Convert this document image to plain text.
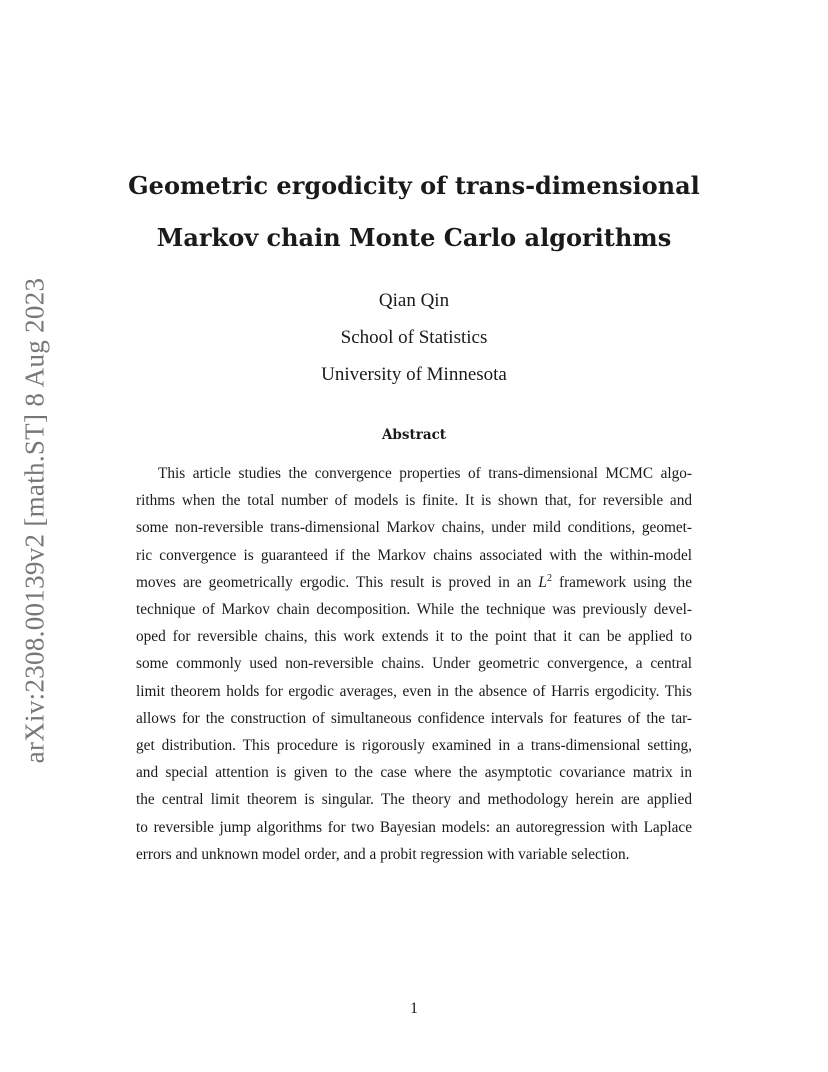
arXiv:2308.00139v2 [math.ST] 8 Aug 2023
Geometric ergodicity of trans-dimensional
Markov chain Monte Carlo algorithms
Qian Qin
School of Statistics
University of Minnesota
Abstract
This article studies the convergence properties of trans-dimensional MCMC algo-
rithms when the total number of models is finite. It is shown that, for reversible and
some non-reversible trans-dimensional Markov chains, under mild conditions, geomet-
ric convergence is guaranteed if the Markov chains associated with the within-model
moves are geometrically ergodic. This result is proved in an $L^2$ framework using the
technique of Markov chain decomposition. While the technique was previously devel-
oped for reversible chains, this work extends it to the point that it can be applied to
some commonly used non-reversible chains. Under geometric convergence, a central
limit theorem holds for ergodic averages, even in the absence of Harris ergodicity. This
allows for the construction of simultaneous confidence intervals for features of the tar-
get distribution. This procedure is rigorously examined in a trans-dimensional setting,
and special attention is given to the case where the asymptotic covariance matrix in
the central limit theorem is singular. The theory and methodology herein are applied
to reversible jump algorithms for two Bayesian models: an autoregression with Laplace
errors and unknown model order, and a probit regression with variable selection.
1
